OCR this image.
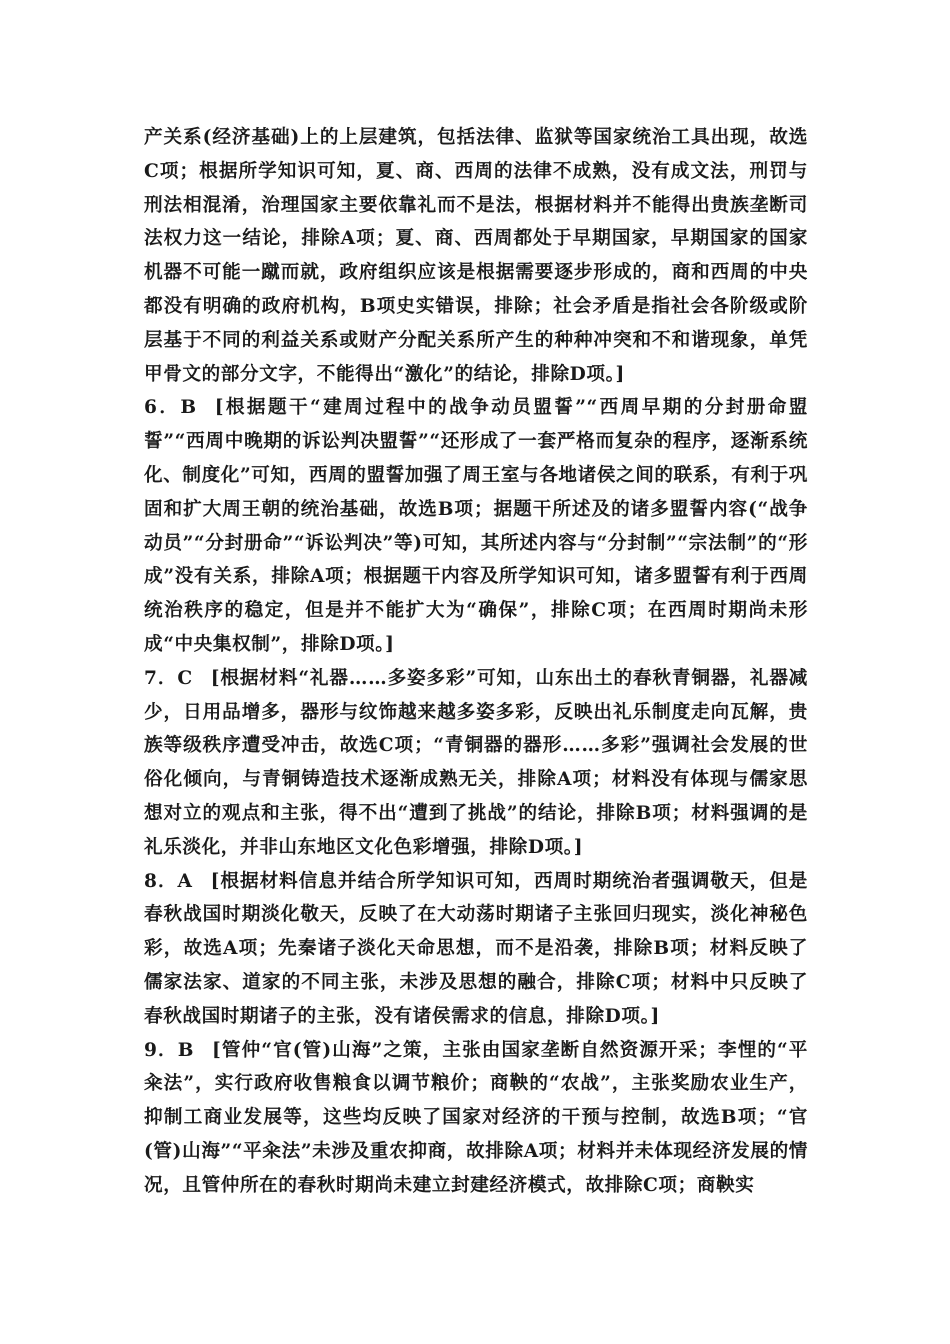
产关系(经济基础)上的上层建筑，包括法律、监狱等国家统治工具出现，故选C项；根据所学知识可知，夏、商、西周的法律不成熟，没有成文法，刑罚与刑法相混淆，治理国家主要依靠礼而不是法，根据材料并不能得出贵族垄断司法权力这一结论，排除A项；夏、商、西周都处于早期国家，早期国家的国家机器不可能一蹴而就，政府组织应该是根据需要逐步形成的，商和西周的中央都没有明确的政府机构，B项史实错误，排除；社会矛盾是指社会各阶级或阶层基于不同的利益关系或财产分配关系所产生的种种冲突和不和谐现象，单凭甲骨文的部分文字，不能得出“激化”的结论，排除D项。]

6．B [根据题干“建周过程中的战争动员盟誓”“西周早期的分封册命盟誓”“西周中晚期的诉讼判决盟誓”“还形成了一套严格而复杂的程序，逐渐系统化、制度化”可知，西周的盟誓加强了周王室与各地诸侯之间的联系，有利于巩固和扩大周王朝的统治基础，故选B项；据题干所述及的诸多盟誓内容(“战争动员”“分封册命”“诉讼判决”等)可知，其所述内容与“分封制”“宗法制”的“形成”没有关系，排除A项；根据题干内容及所学知识可知，诸多盟誓有利于西周统治秩序的稳定，但是并不能扩大为“确保”，排除C项；在西周时期尚未形成“中央集权制”，排除D项。]

7．C [根据材料“礼器……多姿多彩”可知，山东出土的春秋青铜器，礼器减少，日用品增多，器形与纹饰越来越多姿多彩，反映出礼乐制度走向瓦解，贵族等级秩序遭受冲击，故选C项；“青铜器的器形……多彩”强调社会发展的世俗化倾向，与青铜铸造技术逐渐成熟无关，排除A项；材料没有体现与儒家思想对立的观点和主张，得不出“遭到了挑战”的结论，排除B项；材料强调的是礼乐淡化，并非山东地区文化色彩增强，排除D项。]

8．A [根据材料信息并结合所学知识可知，西周时期统治者强调敬天，但是春秋战国时期淡化敬天，反映了在大动荡时期诸子主张回归现实，淡化神秘色彩，故选A项；先秦诸子淡化天命思想，而不是沿袭，排除B项；材料反映了儒家法家、道家的不同主张，未涉及思想的融合，排除C项；材料中只反映了春秋战国时期诸子的主张，没有诸侯需求的信息，排除D项。]

9．B [管仲“官(管)山海”之策，主张由国家垄断自然资源开采；李悝的“平籴法”，实行政府收售粮食以调节粮价；商鞅的“农战”，主张奖励农业生产，抑制工商业发展等，这些均反映了国家对经济的干预与控制，故选B项；“官(管)山海”“平籴法”未涉及重农抑商，故排除A项；材料并未体现经济发展的情况，且管仲所在的春秋时期尚未建立封建经济模式，故排除C项；商鞅实
